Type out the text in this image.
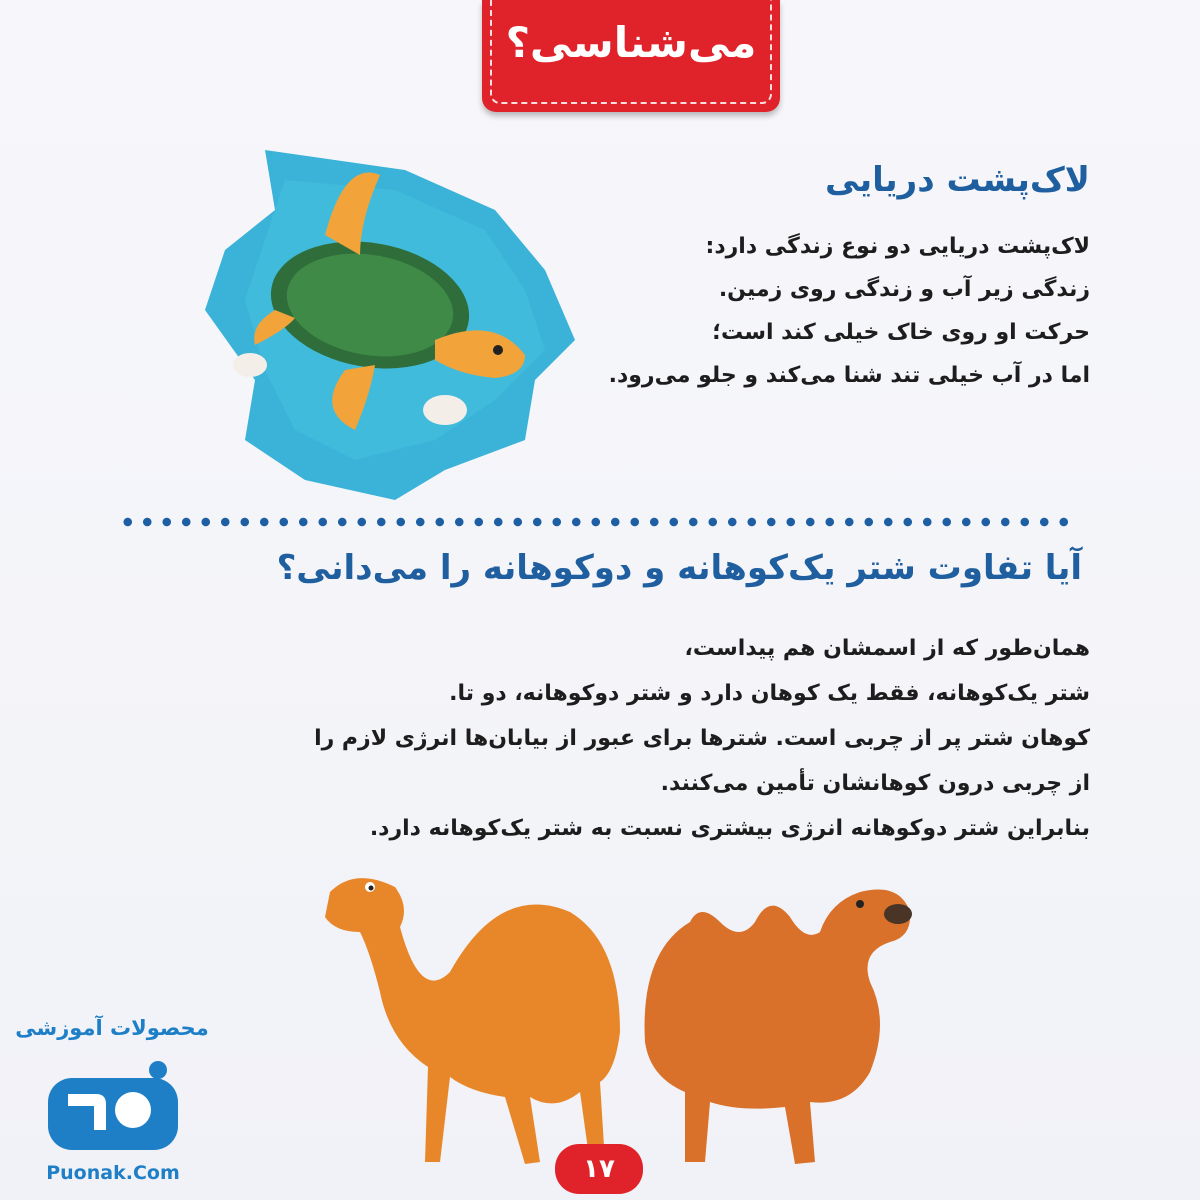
می‌شناسی؟
لاک‌پشت دریایی
لاک‌پشت دریایی دو نوع زندگی دارد:
زندگی زیر آب و زندگی روی زمین.
حرکت او روی خاک خیلی کند است؛
اما در آب خیلی تند شنا می‌کند و جلو می‌رود.
آیا تفاوت شتر یک‌کوهانه و دوکوهانه را می‌دانی؟
همان‌طور که از اسمشان هم پیداست،
شتر یک‌کوهانه، فقط یک کوهان دارد و شتر دوکوهانه، دو تا.
کوهان شتر پر از چربی است. شترها برای عبور از بیابان‌ها انرژی لازم را
از چربی درون کوهانشان تأمین می‌کنند.
بنابراین شتر دوکوهانه انرژی بیشتری نسبت به شتر یک‌کوهانه دارد.
۱۷
محصولات آموزشی
Puonak.Com
